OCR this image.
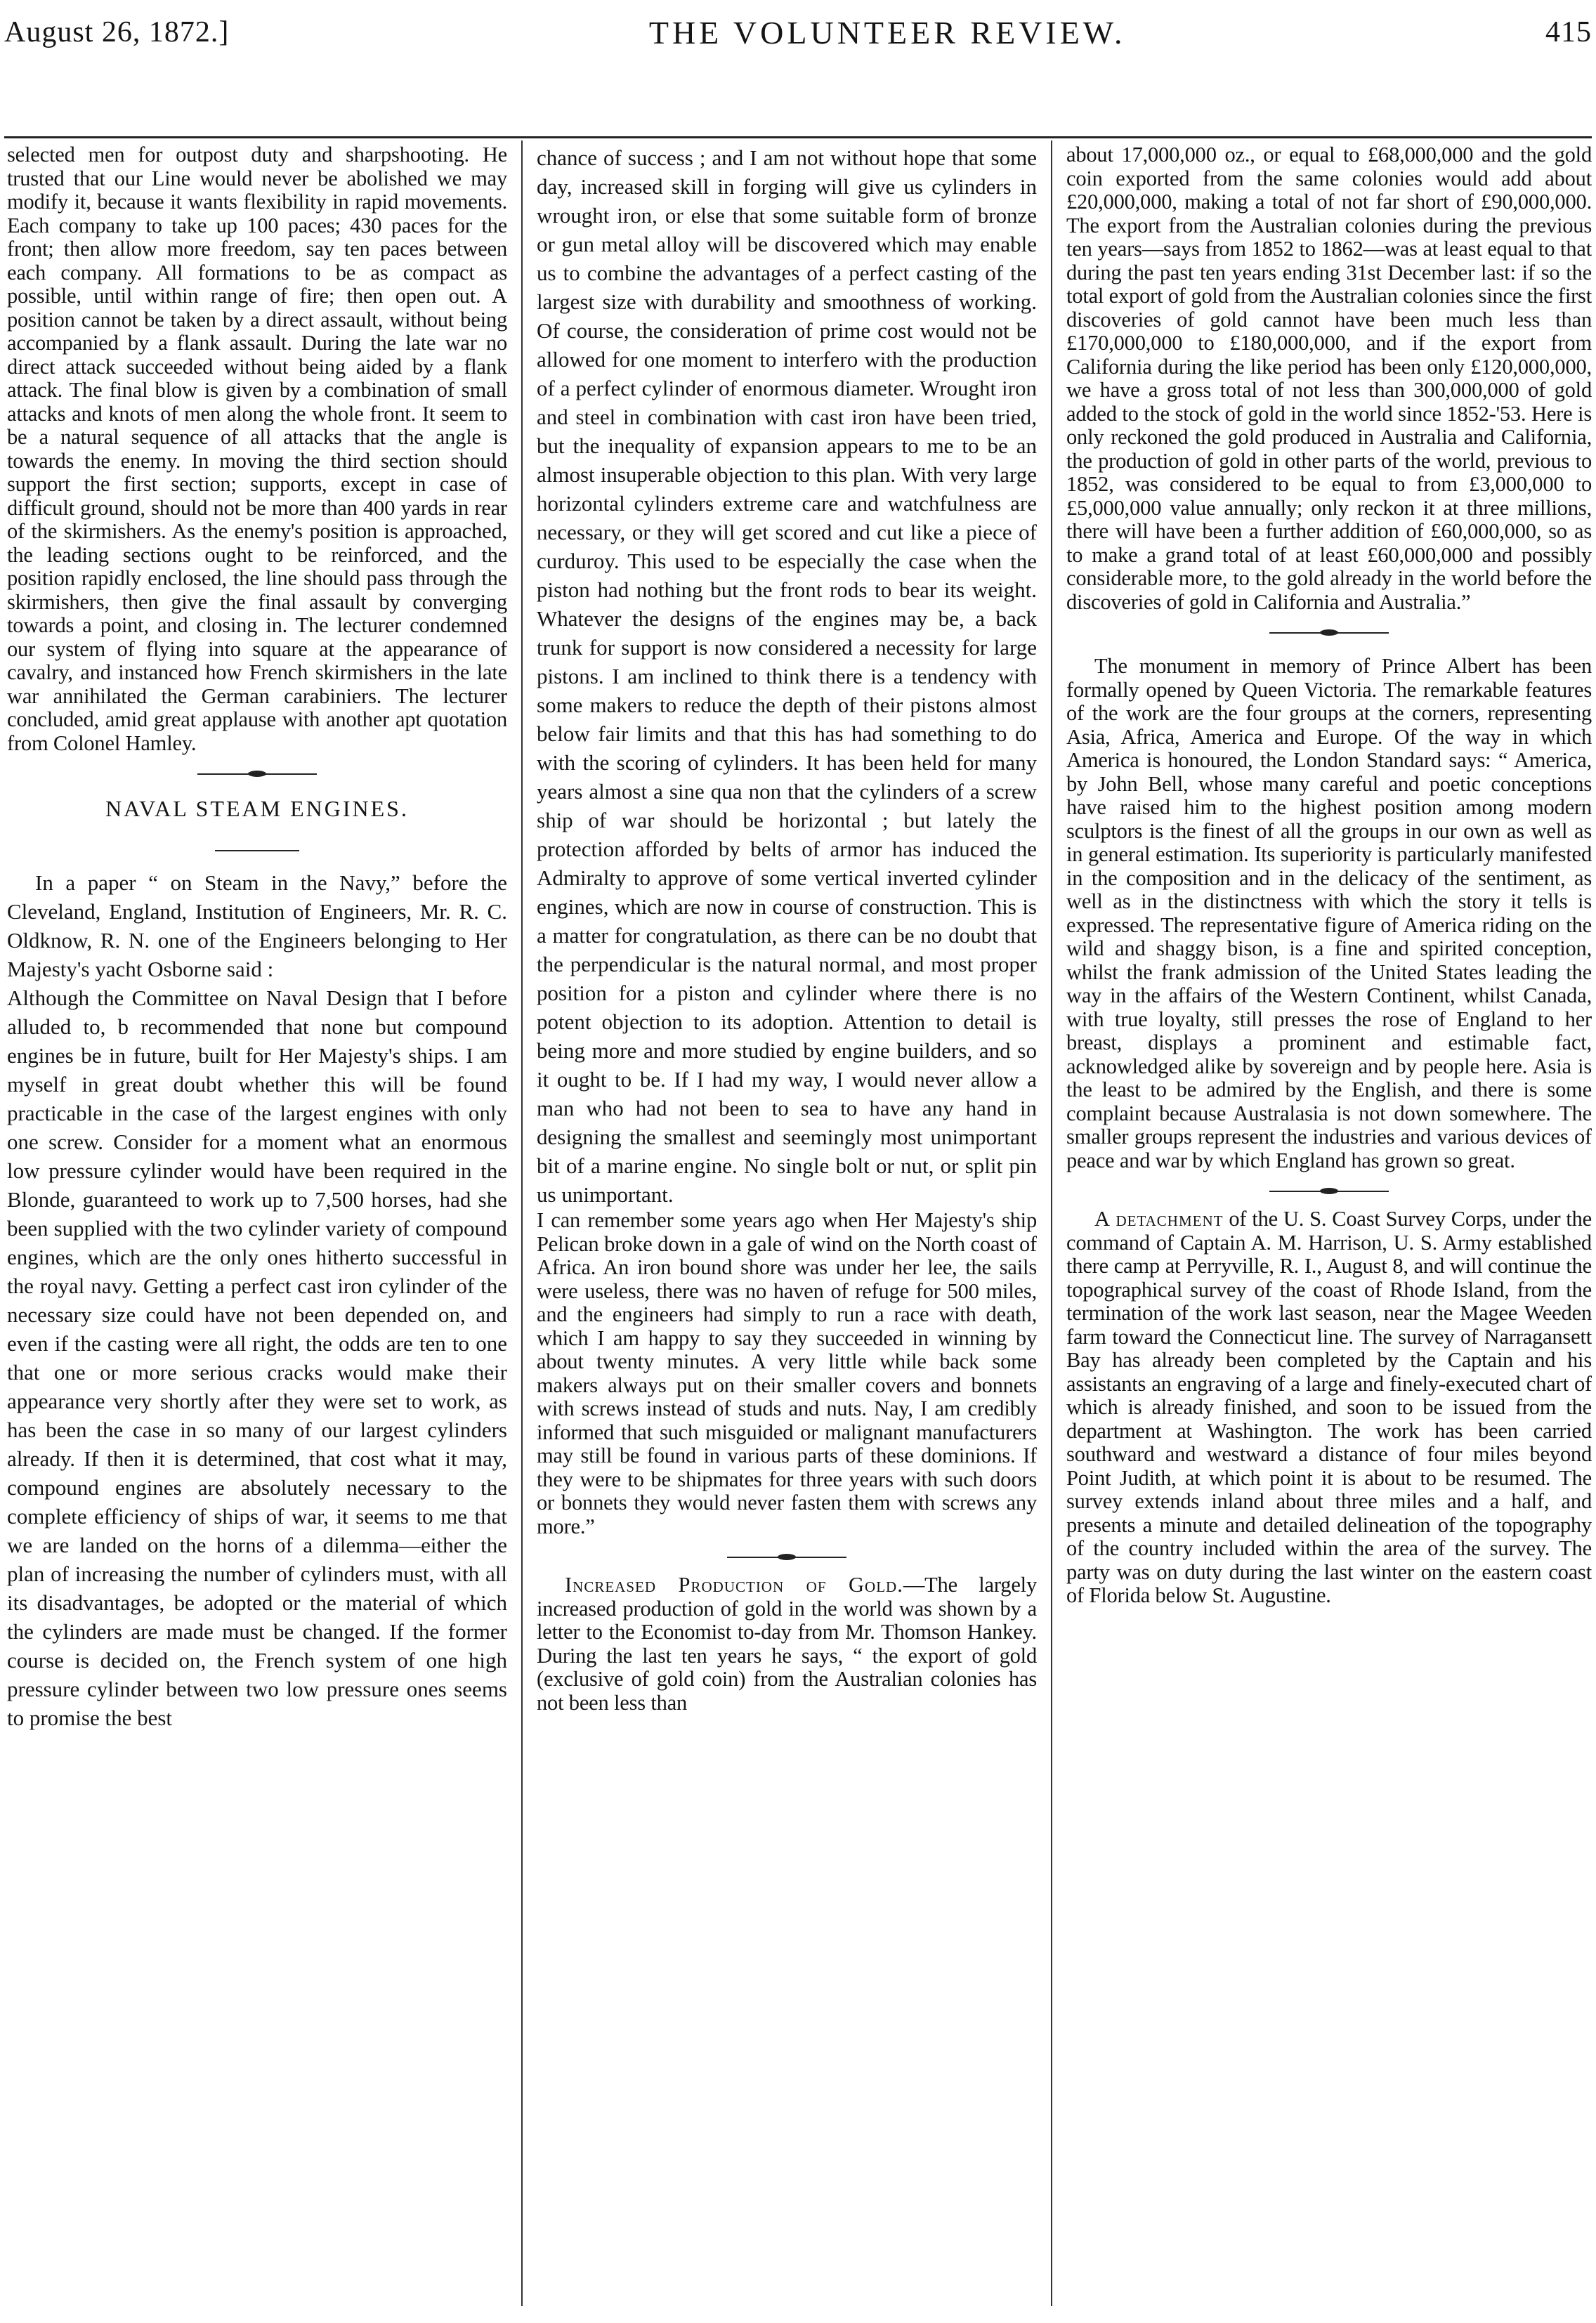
August 26, 1872.]	THE VOLUNTEER REVIEW.	415

selected men for outpost duty and sharpshooting. He trusted that our Line would never be abolished we may modify it, because it wants flexibility in rapid movements. Each company to take up 100 paces; 430 paces for the front; then allow more freedom, say ten paces between each company. All formations to be as compact as possible, until within range of fire; then open out. A position cannot be taken by a direct assault, without being accompanied by a flank assault. During the late war no direct attack succeeded without being aided by a flank attack. The final blow is given by a combination of small attacks and knots of men along the whole front. It seem to be a natural sequence of all attacks that the angle is towards the enemy. In moving the third section should support the first section; supports, except in case of difficult ground, should not be more than 400 yards in rear of the skirmishers. As the enemy's position is approached, the leading sections ought to be reinforced, and the position rapidly enclosed, the line should pass through the skirmishers, then give the final assault by converging towards a point, and closing in. The lecturer condemned our system of flying into square at the appearance of cavalry, and instanced how French skirmishers in the late war annihilated the German carabiniers. The lecturer concluded, amid great applause with another apt quotation from Colonel Hamley.

NAVAL STEAM ENGINES.

In a paper “ on Steam in the Navy,” before the Cleveland, England, Institution of Engineers, Mr. R. C. Oldknow, R. N. one of the Engineers belonging to Her Majesty's yacht Osborne said :

Although the Committee on Naval Design that I before alluded to, b recommended that none but compound engines be in future, built for Her Majesty's ships. I am myself in great doubt whether this will be found practicable in the case of the largest engines with only one screw. Consider for a moment what an enormous low pressure cylinder would have been required in the Blonde, guaranteed to work up to 7,500 horses, had she been supplied with the two cylinder variety of compound engines, which are the only ones hitherto successful in the royal navy. Getting a perfect cast iron cylinder of the necessary size could have not been depended on, and even if the casting were all right, the odds are ten to one that one or more serious cracks would make their appearance very shortly after they were set to work, as has been the case in so many of our largest cylinders already. If then it is determined, that cost what it may, compound engines are absolutely necessary to the complete efficiency of ships of war, it seems to me that we are landed on the horns of a dilemma—either the plan of increasing the number of cylinders must, with all its disadvantages, be adopted or the material of which the cylinders are made must be changed. If the former course is decided on, the French system of one high pressure cylinder between two low pressure ones seems to promise the best

chance of success ; and I am not without hope that some day, increased skill in forging will give us cylinders in wrought iron, or else that some suitable form of bronze or gun metal alloy will be discovered which may enable us to combine the advantages of a perfect casting of the largest size with durability and smoothness of working. Of course, the consideration of prime cost would not be allowed for one moment to interfero with the production of a perfect cylinder of enormous diameter. Wrought iron and steel in combination with cast iron have been tried, but the inequality of expansion appears to me to be an almost insuperable objection to this plan. With very large horizontal cylinders extreme care and watchfulness are necessary, or they will get scored and cut like a piece of curduroy. This used to be especially the case when the piston had nothing but the front rods to bear its weight. Whatever the designs of the engines may be, a back trunk for support is now considered a necessity for large pistons. I am inclined to think there is a tendency with some makers to reduce the depth of their pistons almost below fair limits and that this has had something to do with the scoring of cylinders. It has been held for many years almost a sine qua non that the cylinders of a screw ship of war should be horizontal ; but lately the protection afforded by belts of armor has induced the Admiralty to approve of some vertical inverted cylinder engines, which are now in course of construction. This is a matter for congratulation, as there can be no doubt that the perpendicular is the natural normal, and most proper position for a piston and cylinder where there is no potent objection to its adoption. Attention to detail is being more and more studied by engine builders, and so it ought to be. If I had my way, I would never allow a man who had not been to sea to have any hand in designing the smallest and seemingly most unimportant bit of a marine engine. No single bolt or nut, or split pin us unimportant.

I can remember some years ago when Her Majesty's ship Pelican broke down in a gale of wind on the North coast of Africa. An iron bound shore was under her lee, the sails were useless, there was no haven of refuge for 500 miles, and the engineers had simply to run a race with death, which I am happy to say they succeeded in winning by about twenty minutes. A very little while back some makers always put on their smaller covers and bonnets with screws instead of studs and nuts. Nay, I am credibly informed that such misguided or malignant manufacturers may still be found in various parts of these dominions. If they were to be shipmates for three years with such doors or bonnets they would never fasten them with screws any more.”

Increased Production of Gold.—The largely increased production of gold in the world was shown by a letter to the Economist to-day from Mr. Thomson Hankey. During the last ten years he says, “ the export of gold (exclusive of gold coin) from the Australian colonies has not been less than

about 17,000,000 oz., or equal to £68,000,000 and the gold coin exported from the same colonies would add about £20,000,000, making a total of not far short of £90,000,000. The export from the Australian colonies during the previous ten years—says from 1852 to 1862—was at least equal to that during the past ten years ending 31st December last: if so the total export of gold from the Australian colonies since the first discoveries of gold cannot have been much less than £170,000,000 to £180,000,000, and if the export from California during the like period has been only £120,000,000, we have a gross total of not less than 300,000,000 of gold added to the stock of gold in the world since 1852-'53. Here is only reckoned the gold produced in Australia and California, the production of gold in other parts of the world, previous to 1852, was considered to be equal to from £3,000,000 to £5,000,000 value annually; only reckon it at three millions, there will have been a further addition of £60,000,000, so as to make a grand total of at least £60,000,000 and possibly considerable more, to the gold already in the world before the discoveries of gold in California and Australia.”

The monument in memory of Prince Albert has been formally opened by Queen Victoria. The remarkable features of the work are the four groups at the corners, representing Asia, Africa, America and Europe. Of the way in which America is honoured, the London Standard says: “ America, by John Bell, whose many careful and poetic conceptions have raised him to the highest position among modern sculptors is the finest of all the groups in our own as well as in general estimation. Its superiority is particularly manifested in the composition and in the delicacy of the sentiment, as well as in the distinctness with which the story it tells is expressed. The representative figure of America riding on the wild and shaggy bison, is a fine and spirited conception, whilst the frank admission of the United States leading the way in the affairs of the Western Continent, whilst Canada, with true loyalty, still presses the rose of England to her breast, displays a prominent and estimable fact, acknowledged alike by sovereign and by people here. Asia is the least to be admired by the English, and there is some complaint because Australasia is not down somewhere. The smaller groups represent the industries and various devices of peace and war by which England has grown so great.

A detachment of the U. S. Coast Survey Corps, under the command of Captain A. M. Harrison, U. S. Army established there camp at Perryville, R. I., August 8, and will continue the topographical survey of the coast of Rhode Island, from the termination of the work last season, near the Magee Weeden farm toward the Connecticut line. The survey of Narragansett Bay has already been completed by the Captain and his assistants an engraving of a large and finely-executed chart of which is already finished, and soon to be issued from the department at Washington. The work has been carried southward and westward a distance of four miles beyond Point Judith, at which point it is about to be resumed. The survey extends inland about three miles and a half, and presents a minute and detailed delineation of the topography of the country included within the area of the survey. The party was on duty during the last winter on the eastern coast of Florida below St. Augustine.
